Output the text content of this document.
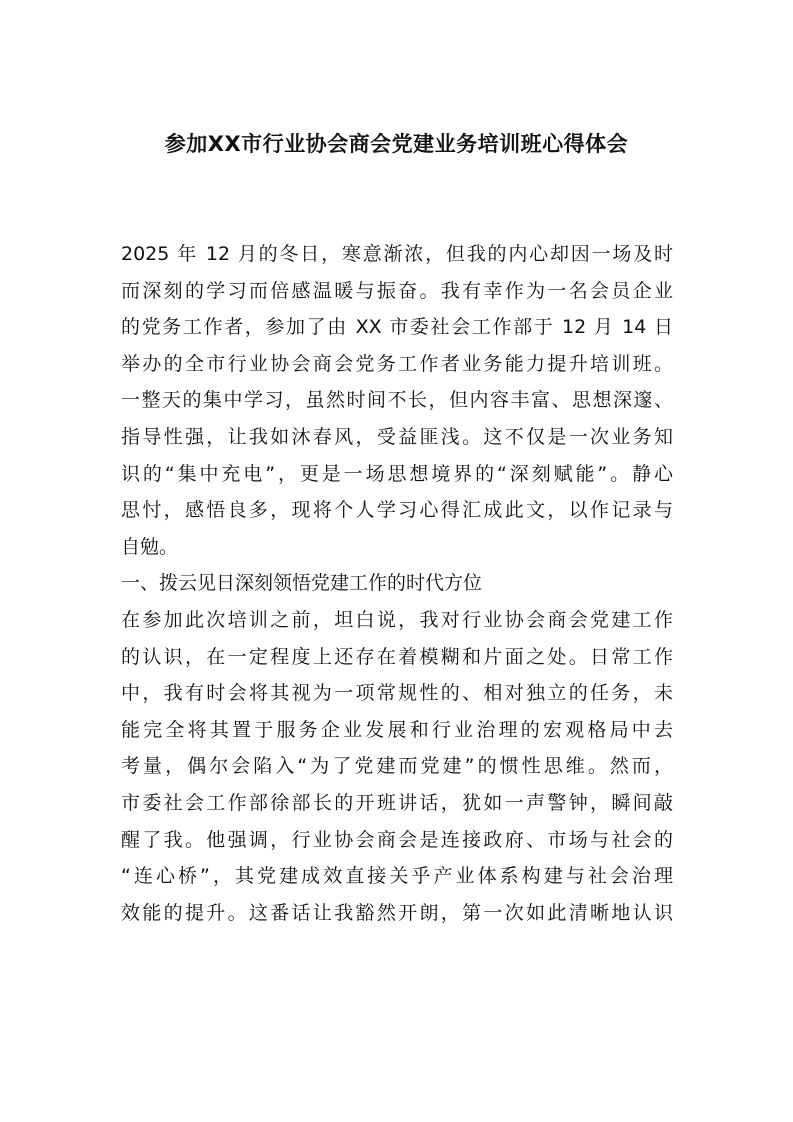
参加XX市行业协会商会党建业务培训班心得体会
2025 年 12 月的冬日，寒意渐浓，但我的内心却因一场及时
而深刻的学习而倍感温暖与振奋。我有幸作为一名会员企业
的党务工作者，参加了由 XX 市委社会工作部于 12 月 14 日
举办的全市行业协会商会党务工作者业务能力提升培训班。
一整天的集中学习，虽然时间不长，但内容丰富、思想深邃、
指导性强，让我如沐春风，受益匪浅。这不仅是一次业务知
识的“集中充电”，更是一场思想境界的“深刻赋能”。静心
思忖，感悟良多，现将个人学习心得汇成此文，以作记录与
自勉。
一、拨云见日深刻领悟党建工作的时代方位
在参加此次培训之前，坦白说，我对行业协会商会党建工作
的认识，在一定程度上还存在着模糊和片面之处。日常工作
中，我有时会将其视为一项常规性的、相对独立的任务，未
能完全将其置于服务企业发展和行业治理的宏观格局中去
考量，偶尔会陷入“为了党建而党建”的惯性思维。然而，
市委社会工作部徐部长的开班讲话，犹如一声警钟，瞬间敲
醒了我。他强调，行业协会商会是连接政府、市场与社会的
“连心桥”，其党建成效直接关乎产业体系构建与社会治理
效能的提升。这番话让我豁然开朗，第一次如此清晰地认识
